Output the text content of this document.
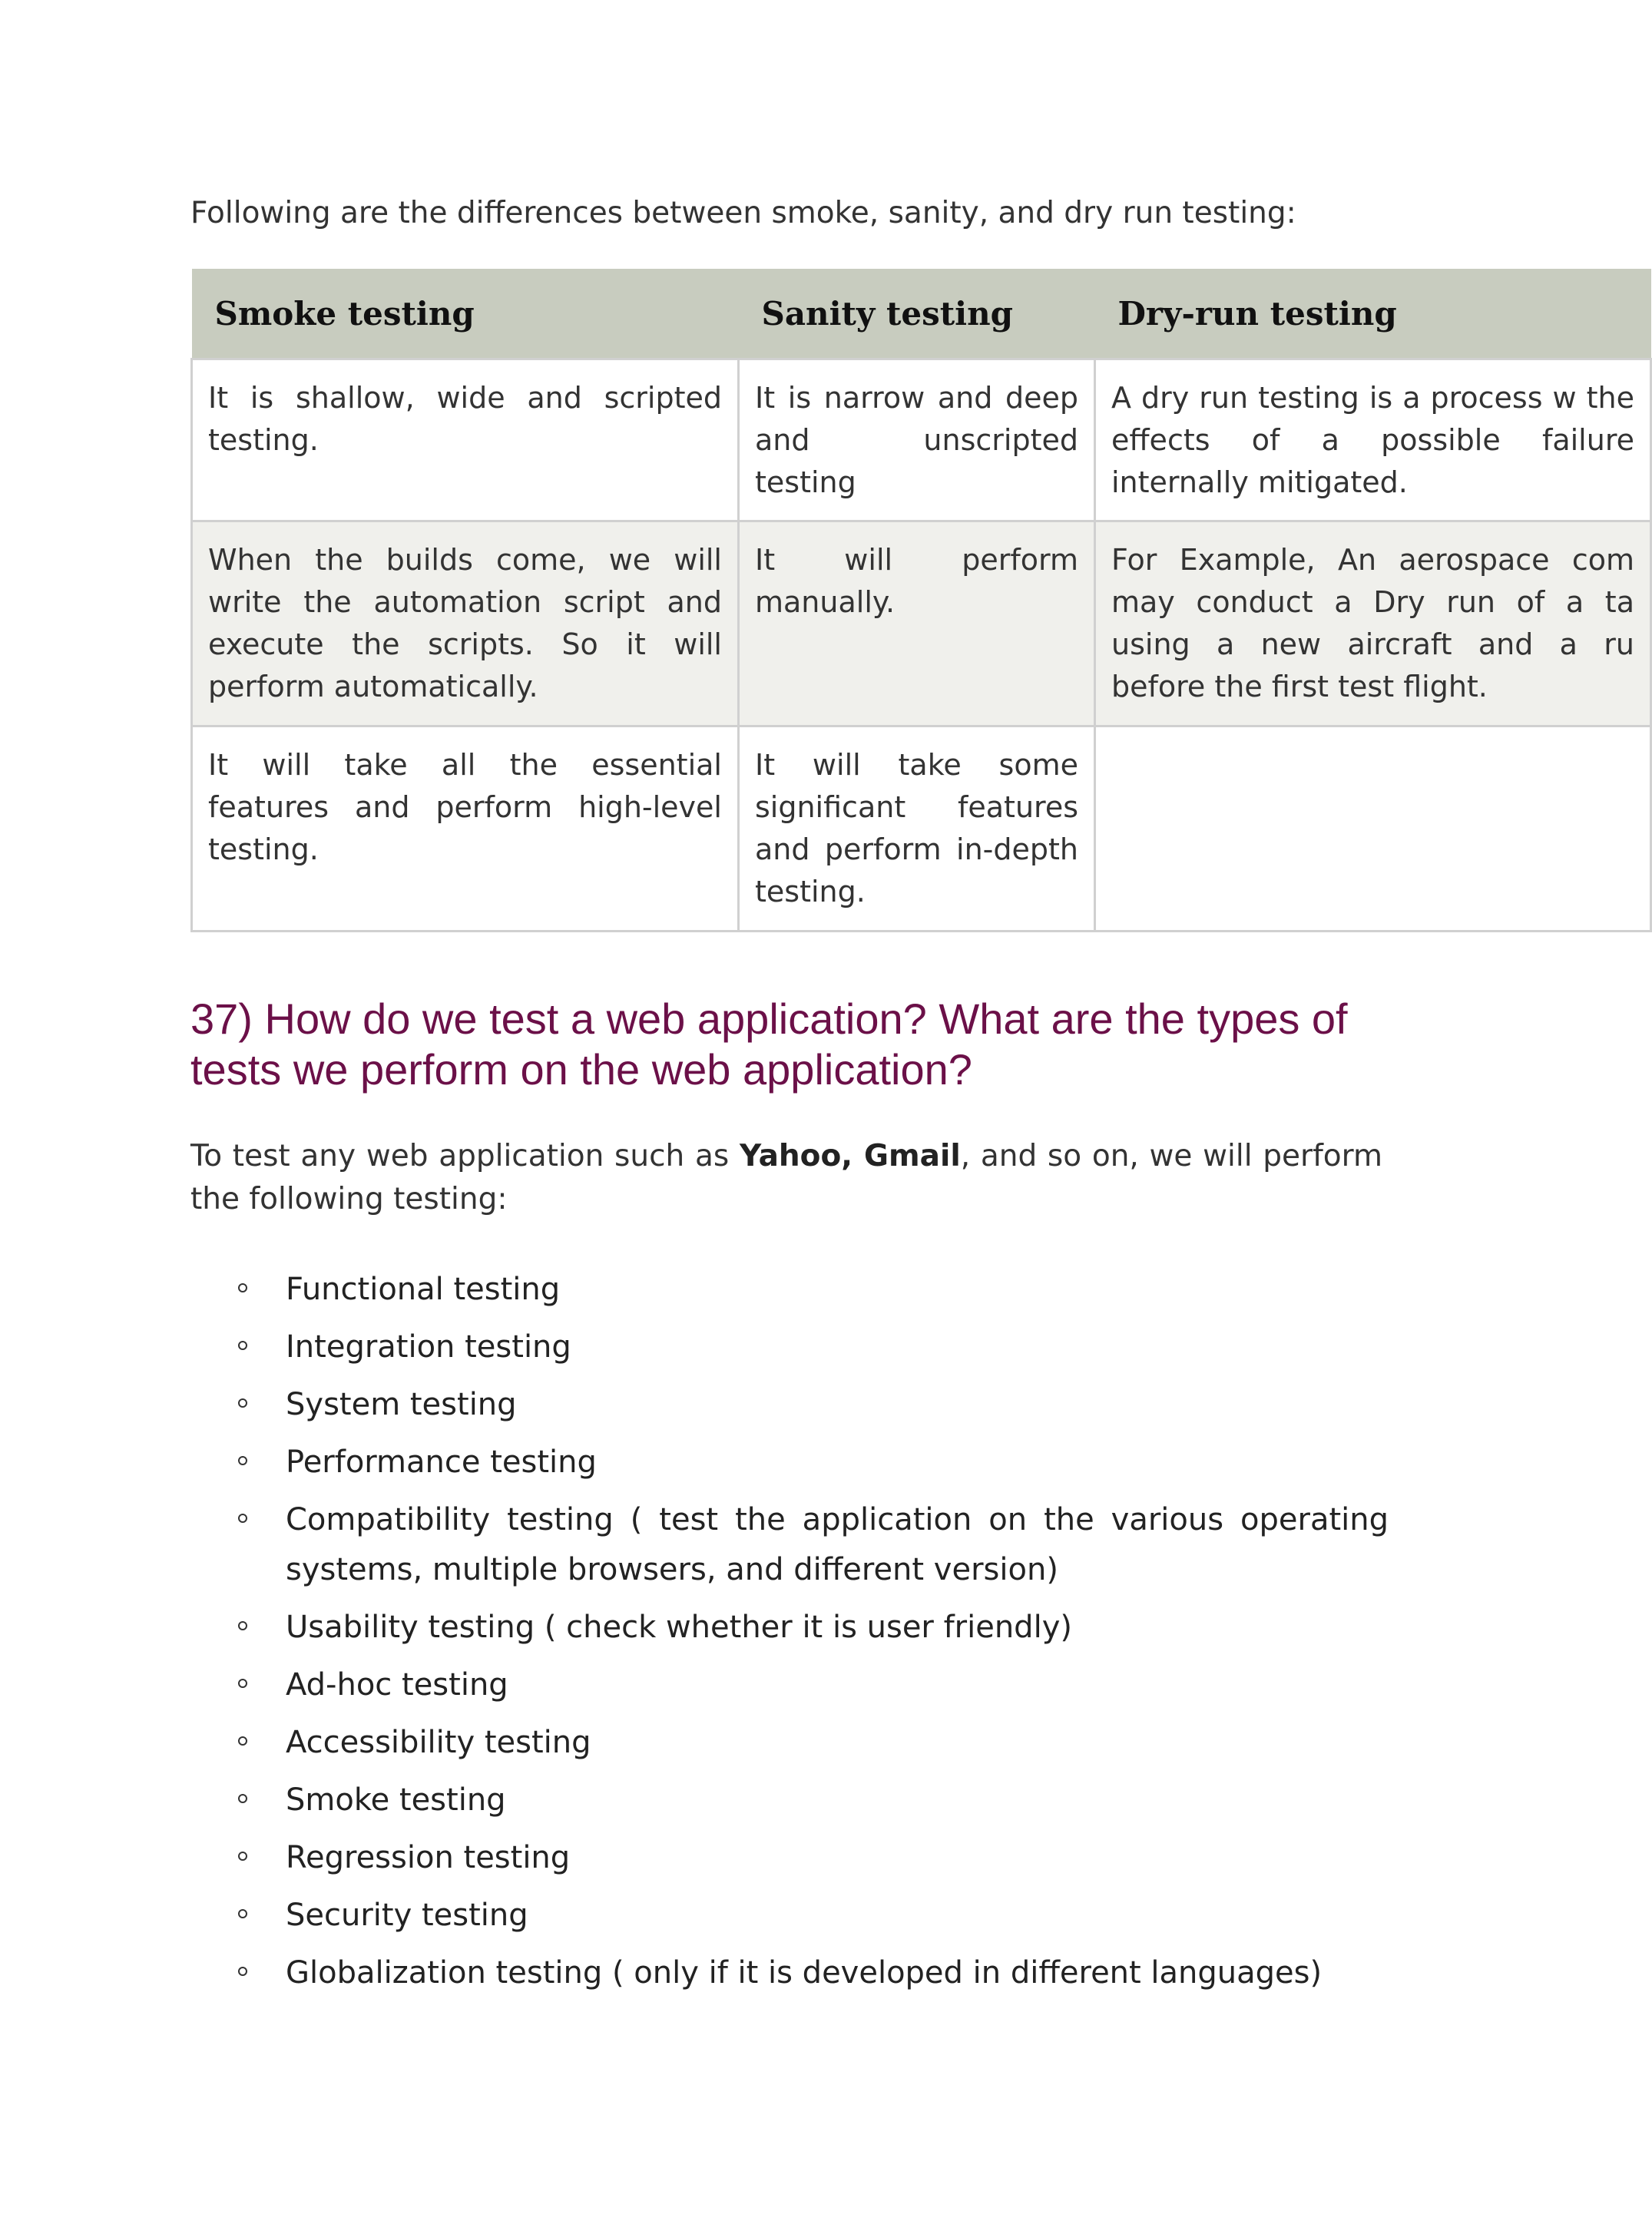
Following are the differences between smoke, sanity, and dry run testing:
Smoke testing	Sanity testing	Dry-run testing
It is shallow, wide and scripted testing.	It is narrow and deep and unscripted testing	A dry run testing is a process w the effects of a possible failure internally mitigated.
When the builds come, we will write the automation script and execute the scripts. So it will perform automatically.	It will perform manually.	For Example, An aerospace com may conduct a Dry run of a ta using a new aircraft and a ru before the first test flight.
It will take all the essential features and perform high-level testing.	It will take some significant features and perform in-depth testing.	
37) How do we test a web application? What are the types of tests we perform on the web application?
To test any web application such as Yahoo, Gmail, and so on, we will perform the following testing:
Functional testing
Integration testing
System testing
Performance testing
Compatibility testing ( test the application on the various operating systems, multiple browsers, and different version)
Usability testing ( check whether it is user friendly)
Ad-hoc testing
Accessibility testing
Smoke testing
Regression testing
Security testing
Globalization testing ( only if it is developed in different languages)
